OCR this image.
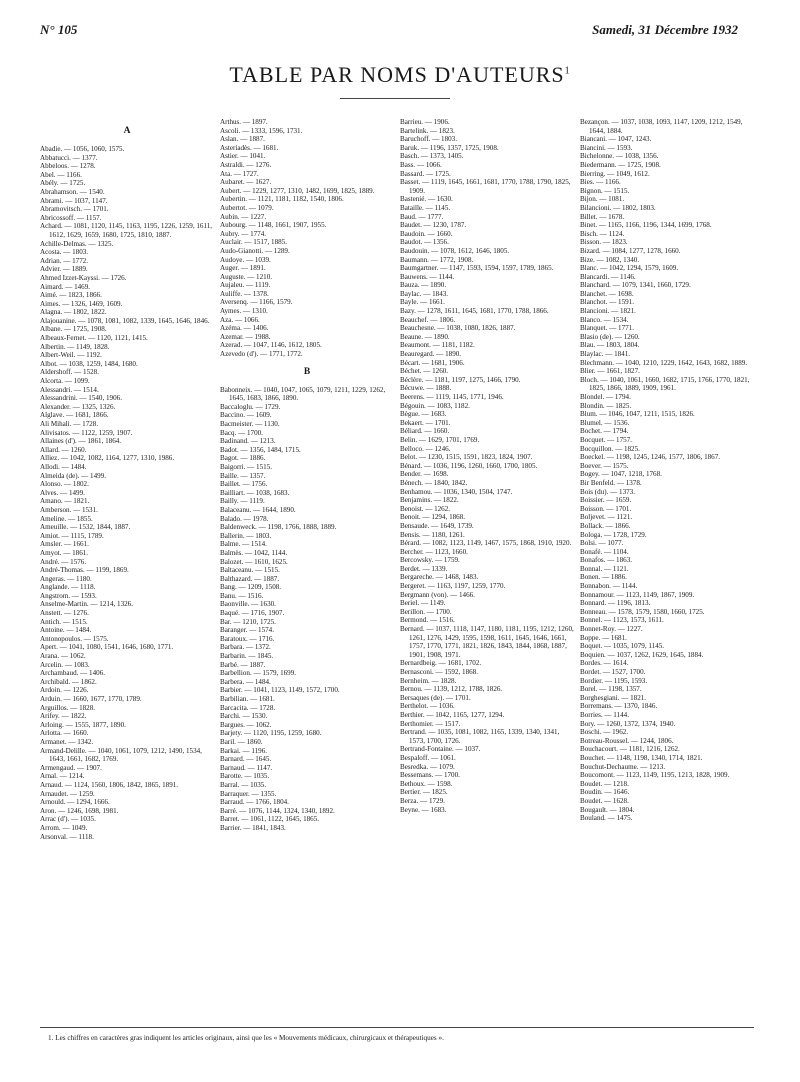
N° 105	Samedi, 31 Décembre 1932
TABLE PAR NOMS D'AUTEURS$^1$
A
Abadie. — 1056, 1060, 1575.
Abbatucci. — 1377.
Abbeloos. — 1278.
Abel. — 1166.
Abély. — 1725.
Abrahamson. — 1540.
Abrami. — 1037, 1147.
Abramovitsch. — 1701.
Abricossoff. — 1157.
Achard. — 1081, 1120, 1145, 1163, 1195, 1226, 1259, 1611, 1612, 1629, 1659, 1680, 1725, 1810, 1887.
Achille-Delmas. — 1325.
Acosta. — 1803.
Adrian. — 1772.
Advier. — 1889.
Ahmed Izzet-Kayssi. — 1726.
Aimard. — 1469.
Aimé. — 1823, 1866.
Aimes. — 1326, 1469, 1609.
Alagna. — 1802, 1822.
Alajouanine. — 1078, 1081, 1082, 1339, 1645, 1646, 1846.
Albane. — 1725, 1908.
Albeaux-Fernet. — 1120, 1121, 1415.
Albertin. — 1149, 1828.
Albert-Weil. — 1192.
Albot. — 1038, 1259, 1484, 1680.
Aldershoff. — 1528.
Alcorta. — 1099.
Alessandri. — 1514.
Alessandrini. — 1540, 1906.
Alexander. — 1325, 1326.
Alglave. — 1681, 1866.
Ali Mihali. — 1728.
Alivisatos. — 1122, 1259, 1907.
Allaines (d'). — 1861, 1864.
Allard. — 1260.
Alliez. — 1042, 1082, 1164, 1277, 1310, 1986.
Allodi. — 1484.
Almeida (de). — 1499.
Alonso. — 1802.
Alves. — 1499.
Amano. — 1821.
Amberson. — 1531.
Ameline. — 1855.
Ameuille. — 1532, 1844, 1887.
Amiot. — 1115, 1789.
Amsler. — 1661.
Amyot. — 1861.
André. — 1576.
André-Thomas. — 1199, 1869.
Angeras. — 1180.
Anglande. — 1118.
Angstrom. — 1593.
Anselme-Martin. — 1214, 1326.
Anstett. — 1276.
Antich. — 1515.
Antoine. — 1484.
Antonopoulos. — 1575.
Apert. — 1041, 1080, 1541, 1646, 1680, 1771.
Arana. — 1062.
Arcelin. — 1083.
Archambaud. — 1406.
Archibald. — 1862.
Ardoin. — 1226.
Arduin. — 1660, 1677, 1770, 1789.
Arguillos. — 1828.
Arifey. — 1822.
Arloing. — 1555, 1877, 1890.
Arlotta. — 1660.
Armanet. — 1342.
Armand-Delille. — 1040, 1061, 1079, 1212, 1490, 1534, 1643, 1661, 1682, 1769.
Armengaud. — 1907.
Arnal. — 1214.
Arnaud. — 1124, 1560, 1806, 1842, 1865, 1891.
Arnaudet. — 1259.
Arnould. — 1294, 1666.
Aron. — 1246, 1698, 1981.
Arrac (d'). — 1035.
Arrom. — 1049.
Arsonval. — 1118.
Arthus. — 1897.
Ascoli. — 1333, 1596, 1731.
Aslan. — 1887.
Asteriadès. — 1681.
Astier. — 1041.
Astraldi. — 1276.
Ata. — 1727.
Aubaret. — 1627.
Aubert. — 1229, 1277, 1310, 1482, 1699, 1825, 1889.
Aubertin. — 1121, 1181, 1182, 1540, 1806.
Aubertot. — 1079.
Aubin. — 1227.
Aubourg. — 1148, 1661, 1907, 1955.
Aubry. — 1774.
Auclair. — 1517, 1885.
Audo-Gianotti. — 1289.
Audoye. — 1039.
Auger. — 1891.
Auguste. — 1210.
Aujaleu. — 1119.
Auliffe. — 1378.
Aversenq. — 1166, 1579.
Aymes. — 1310.
Aza. — 1066.
Azéma. — 1406.
Azemar. — 1988.
Azerad. — 1047, 1146, 1612, 1805.
Azevedo (d'). — 1771, 1772.
B
Babonneix. — 1040, 1047, 1065, 1079, 1211, 1229, 1262, 1645, 1683, 1866, 1890.
Baccaloglu. — 1729.
Baccino. — 1609.
Bacmeister. — 1130.
Bacq. — 1700.
Badinand. — 1213.
Badot. — 1356, 1484, 1715.
Bagot. — 1886.
Baigorri. — 1515.
Baille. — 1357.
Baillet. — 1756.
Bailliart. — 1038, 1683.
Bailly. — 1119.
Balaceanu. — 1644, 1890.
Balado. — 1978.
Baldenweck. — 1198, 1766, 1888, 1889.
Ballerin. — 1803.
Balme. — 1514.
Balmès. — 1042, 1144.
Balozet. — 1610, 1625.
Baltaceanu. — 1515.
Balthazard. — 1887.
Bang. — 1209, 1508.
Banu. — 1516.
Baonville. — 1630.
Baqué. — 1716, 1907.
Bar. — 1210, 1725.
Baranger. — 1574.
Baratoux. — 1716.
Barbara. — 1372.
Barbarin. — 1845.
Barbé. — 1887.
Barbellion. — 1579, 1699.
Barbera. — 1484.
Barbier. — 1041, 1123, 1149, 1572, 1700.
Barbilian. — 1681.
Barcacita. — 1728.
Barchi. — 1530.
Bargues. — 1062.
Barjety. — 1120, 1195, 1259, 1680.
Baril. — 1860.
Barkai. — 1196.
Barnard. — 1645.
Barnaud. — 1147.
Barotte. — 1035.
Barral. — 1035.
Barraquer. — 1355.
Barraud. — 1766, 1804.
Barré. — 1076, 1144, 1324, 1340, 1892.
Barret. — 1061, 1122, 1645, 1865.
Barrier. — 1841, 1843.
Barrieu. — 1906.
Bartelink. — 1823.
Baruchoff. — 1803.
Baruk. — 1196, 1357, 1725, 1908.
Basch. — 1373, 1405.
Bass. — 1066.
Bassard. — 1725.
Basset. — 1119, 1645, 1661, 1681, 1770, 1788, 1790, 1825, 1909.
Bastenié. — 1630.
Bataille. — 1145.
Baud. — 1777.
Baudet. — 1230, 1787.
Baudoin. — 1660.
Baudot. — 1356.
Baudouin. — 1078, 1612, 1646, 1805.
Baumann. — 1772, 1908.
Baumgartner. — 1147, 1593, 1594, 1597, 1789, 1865.
Bauwens. — 1144.
Bauza. — 1890.
Baylac. — 1843.
Bayle. — 1661.
Bazy. — 1278, 1611, 1645, 1681, 1770, 1788, 1866.
Beauchef. — 1806.
Beauchesne. — 1038, 1080, 1826, 1887.
Beaune. — 1890.
Beaumont. — 1181, 1182.
Beauregard. — 1890.
Bécart. — 1681, 1906.
Béchet. — 1260.
Béclère. — 1181, 1197, 1275, 1466, 1790.
Bécuwe. — 1888.
Beerens. — 1119, 1145, 1771, 1946.
Bégouin. — 1083, 1182.
Bègue. — 1683.
Bekaert. — 1701.
Béliard. — 1660.
Belin. — 1629, 1701, 1769.
Belloco. — 1246.
Belot. — 1230, 1515, 1591, 1823, 1824, 1907.
Bénard. — 1036, 1196, 1260, 1660, 1700, 1805.
Bender. — 1698.
Bénech. — 1840, 1842.
Benhamou. — 1036, 1340, 1504, 1747.
Benjamins. — 1822.
Benoist. — 1262.
Benoit. — 1294, 1868.
Bensaude. — 1649, 1739.
Bensis. — 1180, 1261.
Bérard. — 1082, 1123, 1149, 1467, 1575, 1868, 1910, 1920.
Bercher. — 1123, 1660.
Bercowsky. — 1759.
Berdet. — 1339.
Bergareche. — 1468, 1483.
Bergeret. — 1163, 1197, 1259, 1770.
Bergmann (von). — 1466.
Beriel. — 1149.
Berillon. — 1700.
Bermond. — 1516.
Bernard. — 1037, 1118, 1147, 1180, 1181, 1195, 1212, 1260, 1261, 1276, 1429, 1595, 1598, 1611, 1645, 1646, 1661, 1757, 1770, 1771, 1821, 1826, 1843, 1844, 1868, 1887, 1901, 1908, 1971.
Bernardbeig. — 1681, 1702.
Bernasconi. — 1592, 1868.
Bernheim. — 1828.
Bernou. — 1139, 1212, 1788, 1826.
Bersaques (de). — 1701.
Berthelot. — 1036.
Berthier. — 1042, 1165, 1277, 1294.
Berthomier. — 1517.
Bertrand. — 1035, 1081, 1082, 1165, 1339, 1340, 1341, 1573, 1700, 1726.
Bertrand-Fontaine. — 1037.
Bespaloff. — 1061.
Besredka. — 1079.
Bessemans. — 1700.
Bethoux. — 1598.
Bertier. — 1825.
Berza. — 1729.
Beyne. — 1683.
Bezançon. — 1037, 1038, 1093, 1147, 1209, 1212, 1549, 1644, 1884.
Biancani. — 1047, 1243.
Biancini. — 1593.
Bichelonne. — 1038, 1356.
Biedermann. — 1725, 1908.
Bierring. — 1049, 1612.
Bies. — 1166.
Bignon. — 1515.
Bijon. — 1081.
Bilancioni. — 1802, 1803.
Billet. — 1678.
Binet. — 1165, 1166, 1196, 1344, 1699, 1768.
Bisch. — 1124.
Bisson. — 1823.
Bizard. — 1084, 1277, 1278, 1660.
Bize. — 1082, 1340.
Blanc. — 1042, 1294, 1579, 1609.
Blancardi. — 1146.
Blanchard. — 1079, 1341, 1660, 1729.
Blanchet. — 1698.
Blanchot. — 1591.
Blancioni. — 1821.
Blanco. — 1534.
Blanquet. — 1771.
Blasio (de). — 1260.
Blau. — 1803, 1804.
Blaylac. — 1841.
Blechmann. — 1040, 1210, 1229, 1642, 1643, 1682, 1889.
Blier. — 1661, 1827.
Bloch. — 1040, 1061, 1660, 1682, 1715, 1766, 1770, 1821, 1825, 1866, 1889, 1909, 1961.
Blondel. — 1794.
Blondin. — 1825.
Blum. — 1046, 1047, 1211, 1515, 1826.
Blumel. — 1536.
Bochet. — 1794.
Bocquet. — 1757.
Bocquillon. — 1825.
Boeckel. — 1198, 1245, 1246, 1577, 1806, 1867.
Boever. — 1575.
Bogey. — 1047, 1218, 1768.
Bir Benfeld. — 1378.
Bois (du). — 1373.
Boissier. — 1659.
Boisson. — 1701.
Boljevet. — 1121.
Bollack. — 1866.
Bologa. — 1728, 1729.
Bolsi. — 1077.
Bonafé. — 1104.
Bonafos. — 1863.
Bonnal. — 1121.
Bonen. — 1886.
Bonnabon. — 1144.
Bonnamour. — 1123, 1149, 1867, 1909.
Bonnard. — 1196, 1813.
Bonneau. — 1578, 1579, 1580, 1660, 1725.
Bonnel. — 1123, 1573, 1611.
Bonnet-Roy. — 1227.
Boppe. — 1681.
Boquet. — 1035, 1079, 1145.
Boquien. — 1037, 1262, 1629, 1645, 1884.
Bordes. — 1614.
Bordet. — 1527, 1700.
Bordier. — 1195, 1593.
Borel. — 1198, 1357.
Borghesgiani. — 1821.
Borremans. — 1370, 1846.
Borries. — 1144.
Bory. — 1260, 1372, 1374, 1940.
Boschi. — 1962.
Botreau-Roussel. — 1244, 1806.
Bouchacourt. — 1181, 1216, 1262.
Bouchet. — 1148, 1198, 1340, 1714, 1821.
Bouchut-Dechaume. — 1213.
Boucomont. — 1123, 1149, 1195, 1213, 1828, 1909.
Boudet. — 1218.
Boudin. — 1646.
Boudet. — 1628.
Bougault. — 1804.
Bouland. — 1475.
1. Les chiffres en caractères gras indiquent les articles originaux, ainsi que les « Mouvements médicaux, chirurgicaux et thérapeutiques ».
